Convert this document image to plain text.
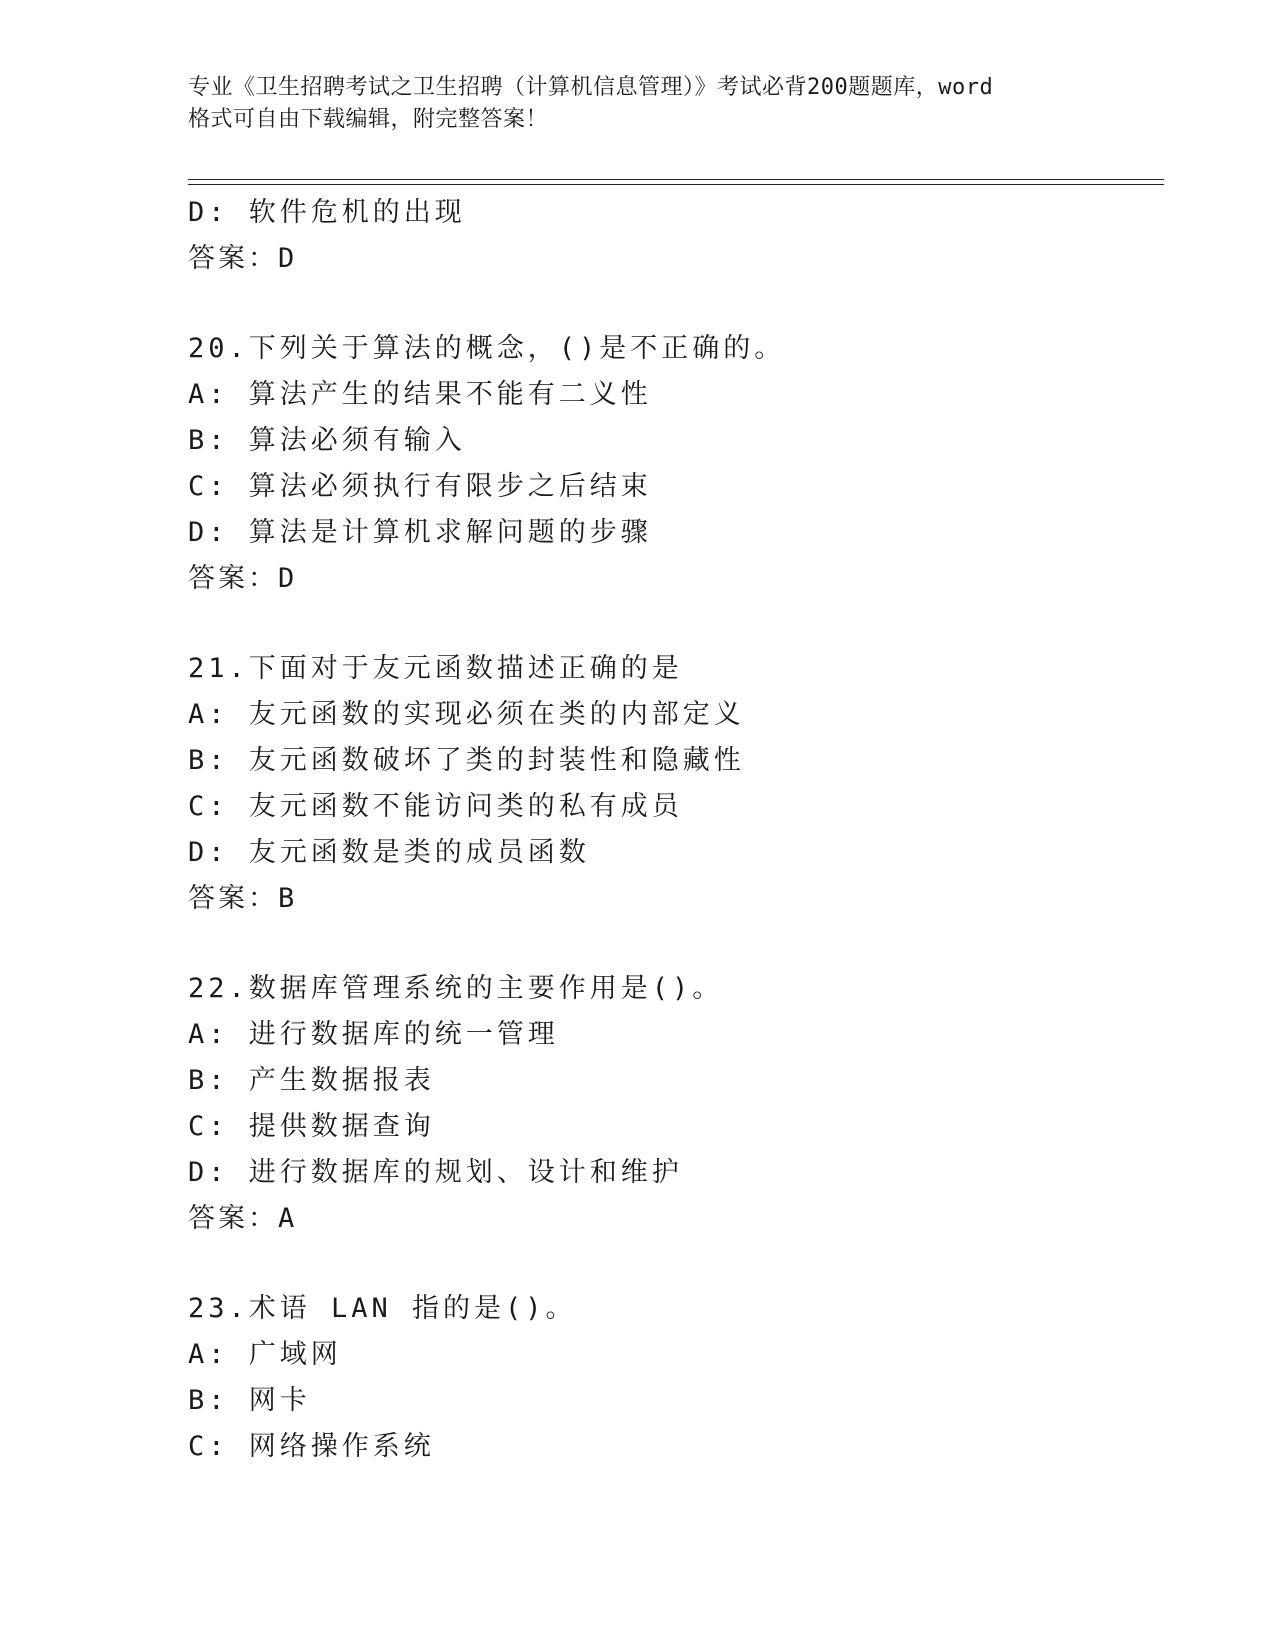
专业《卫生招聘考试之卫生招聘（计算机信息管理）》考试必背200题题库，word
格式可自由下载编辑，附完整答案！
D: 软件危机的出现
答案：D
20.下列关于算法的概念，()是不正确的。
A: 算法产生的结果不能有二义性
B: 算法必须有输入
C: 算法必须执行有限步之后结束
D: 算法是计算机求解问题的步骤
答案：D
21.下面对于友元函数描述正确的是
A: 友元函数的实现必须在类的内部定义
B: 友元函数破坏了类的封装性和隐藏性
C: 友元函数不能访问类的私有成员
D: 友元函数是类的成员函数
答案：B
22.数据库管理系统的主要作用是()。
A: 进行数据库的统一管理
B: 产生数据报表
C: 提供数据查询
D: 进行数据库的规划、设计和维护
答案：A
23.术语 LAN 指的是()。
A: 广域网
B: 网卡
C: 网络操作系统
